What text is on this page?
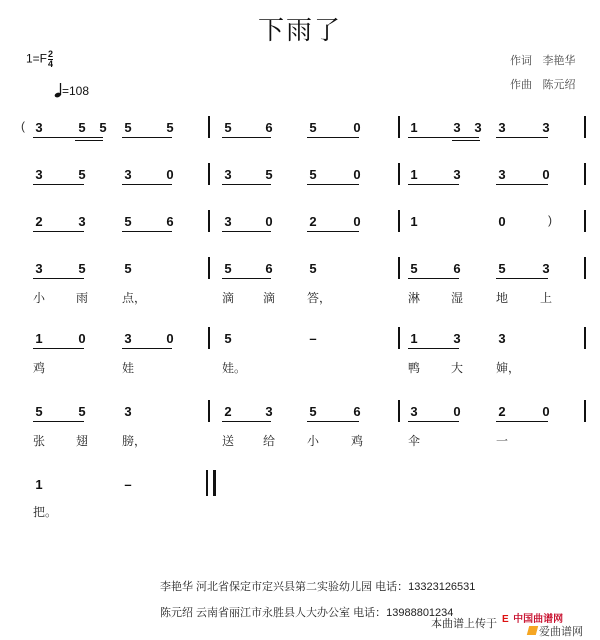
下雨了
$1=F \frac{2}{4}$
=108
作词 李艳华
作曲 陈元绍
3	5 5 5	5	5	6	5	0	1	3 3 3	3
3	5	3	0	3	5	5	0	1	3	3	0
2	3	5	6	3	0	2	0	1	0
3	5	5	5	6	5	5	6	5	3
小	雨	点，	滴 滴	答，	淋	湿	地	上
1	0	3	0	5	–	1	3	3
鸡	娃	娃。	鸭	大	婶，
5	5	3	2	3	5	6	3	0	2	0
张	翅	膀，	送 给	小	鸡	伞	一
1	–
把。
(
)
李艳华 河北省保定市定兴县第二实验幼儿园 电话：13323126531
陈元绍 云南省丽江市永胜县人大办公室 电话：13988801234
本曲谱上传于 E 中国曲谱网
爱曲谱网
